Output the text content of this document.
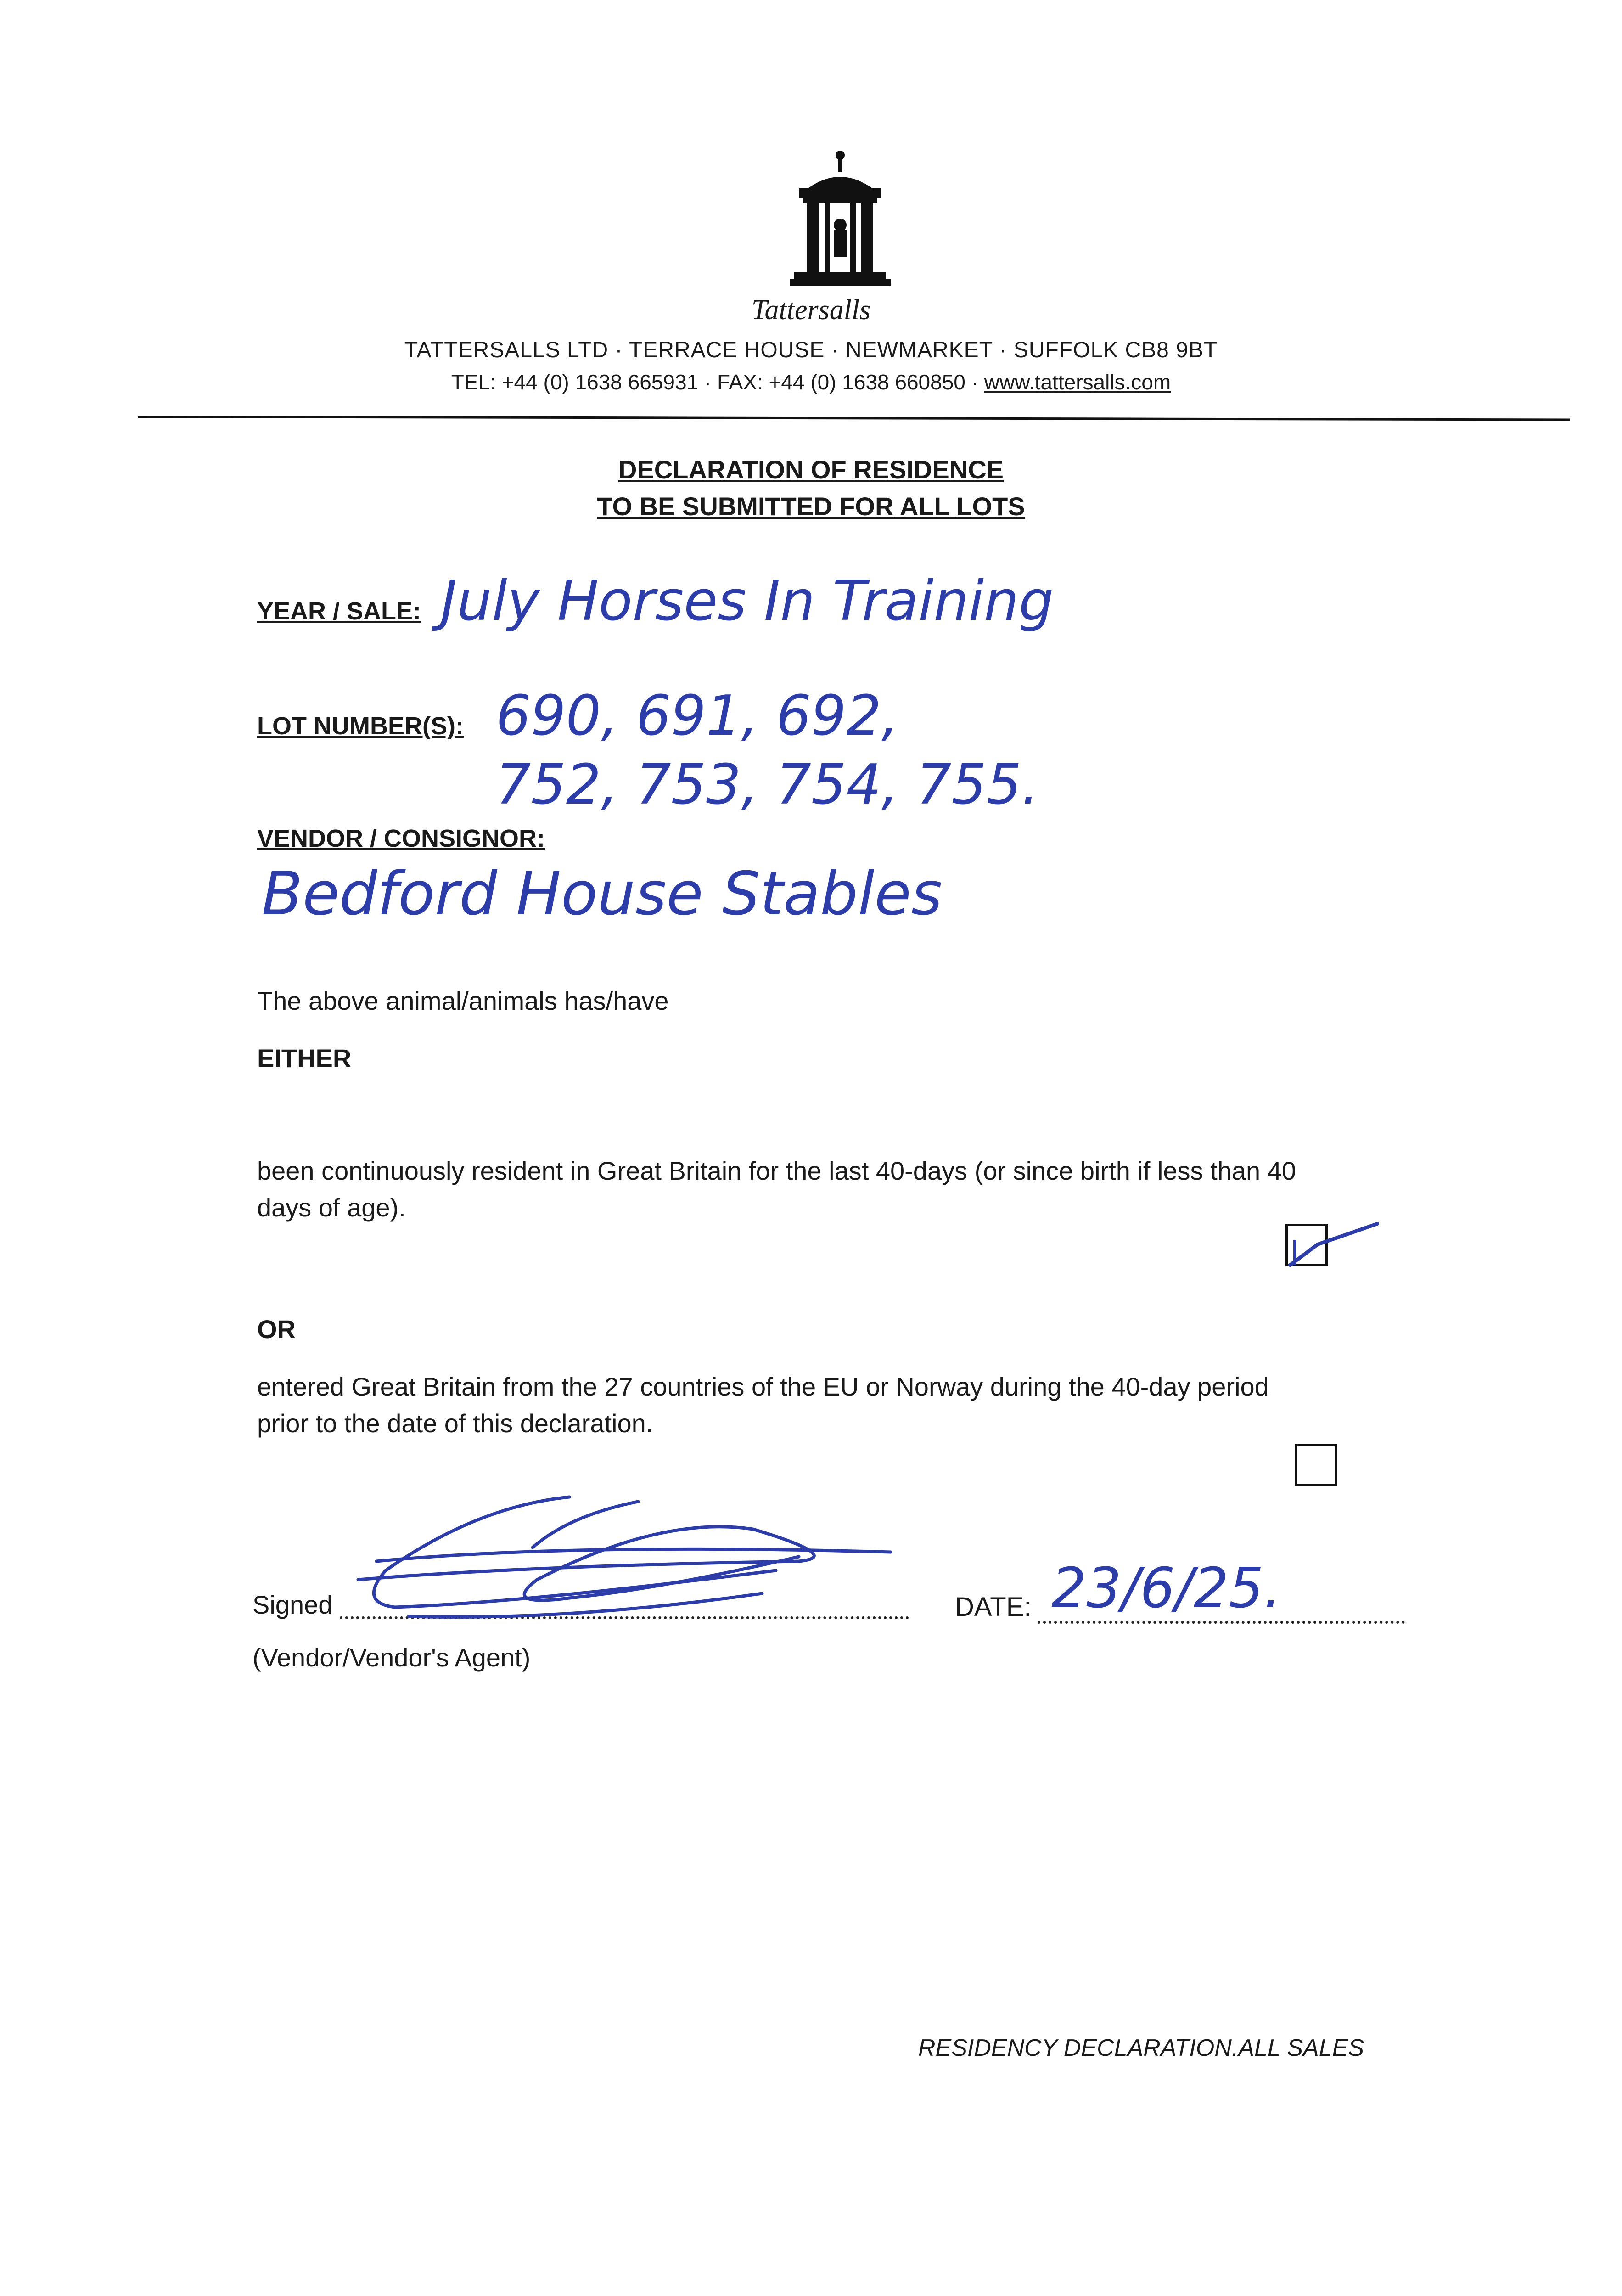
Tattersalls
TATTERSALLS LTD · TERRACE HOUSE · NEWMARKET · SUFFOLK CB8 9BT
TEL: +44 (0) 1638 665931 · FAX: +44 (0) 1638 660850 · www.tattersalls.com
DECLARATION OF RESIDENCE
TO BE SUBMITTED FOR ALL LOTS
YEAR / SALE: July Horses In Training
LOT NUMBER(S): 690, 691, 692,
752, 753, 754, 755.
VENDOR / CONSIGNOR:
Bedford House Stables
The above animal/animals has/have
EITHER
been continuously resident in Great Britain for the last 40-days (or since birth if less than 40
days of age).
OR
entered Great Britain from the 27 countries of the EU or Norway during the 40-day period
prior to the date of this declaration.
Signed
(Vendor/Vendor's Agent)
DATE: 23/6/25.
RESIDENCY DECLARATION.ALL SALES
